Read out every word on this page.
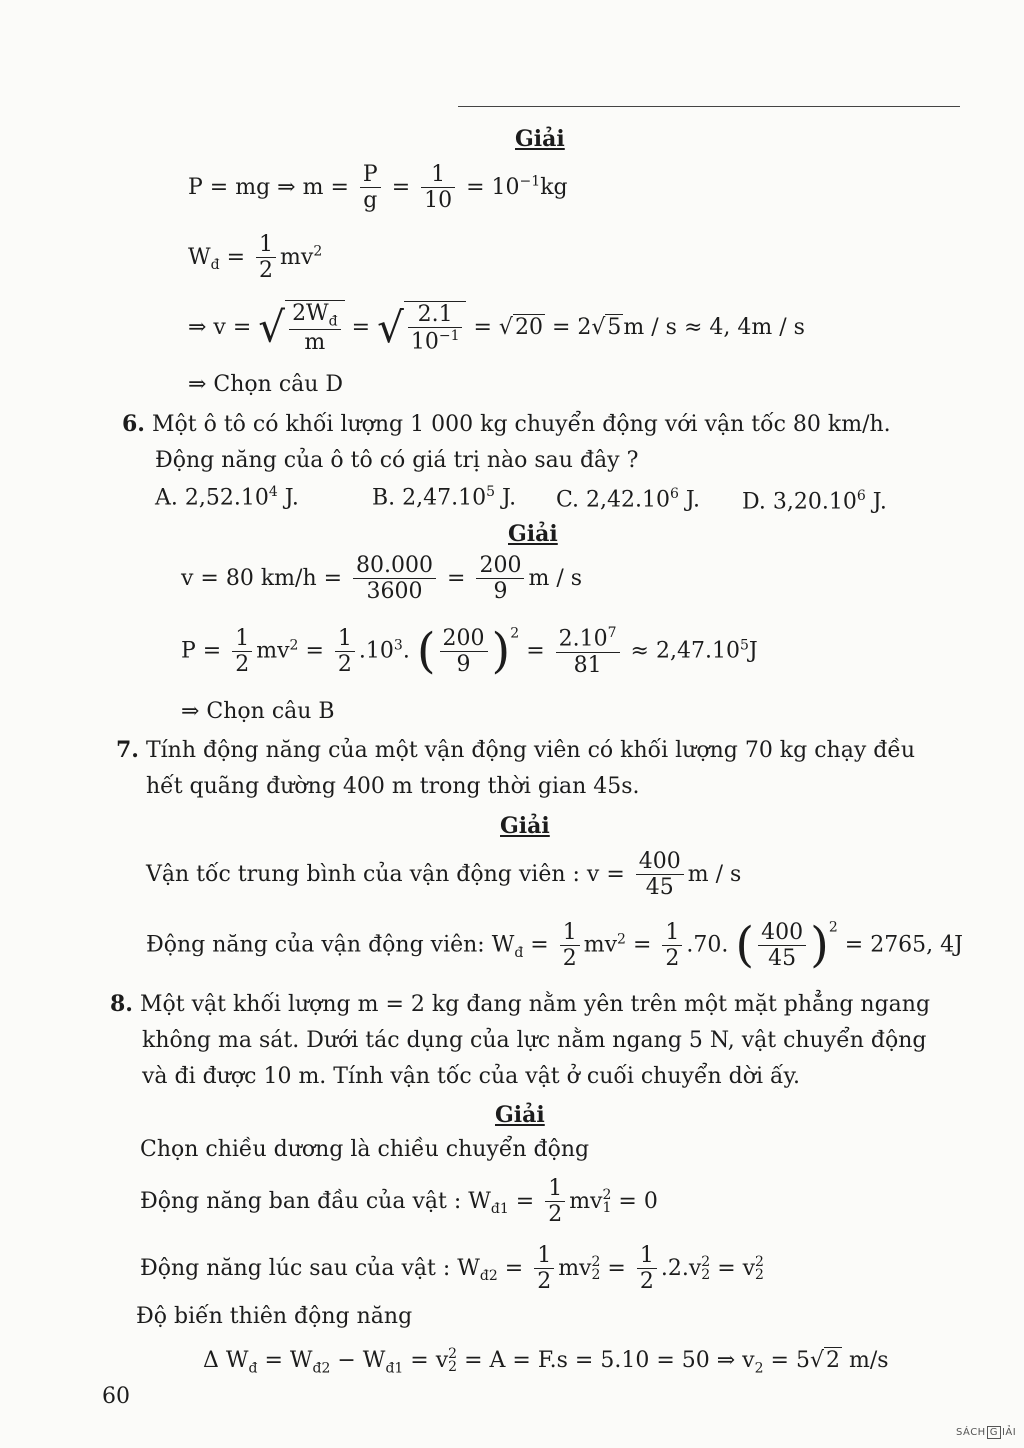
Giải
P = mg ⇒ $m = \frac{P}{g} = \frac{1}{10} = 10^{-1}kg$
$W_đ = \frac{1}{2} mv^2$
⇒ v = √ $\frac{2W_đ}{m}$ = √ $\frac{2.1}{10^{-1}} = √20 = 2√5m / s \approx 4$, 4m / s
⇒ Chọn câu D
6. Một ô tô có khối lượng 1 000 kg chuyển động với vận tốc 80 km/h.
Động năng của ô tô có giá trị nào sau đây ?
A. 2,52.10$^4$ J.	B. 2,47.10$^5$ J. C. 2,42.10$^6$ J. D. 3,20.10$^6$ J.
Giải
v = 80 $km/h = \frac{80.000}{3600} = \frac{200}{9}$ m / s
$P = \frac{1}{2} mv^2 = \frac{1}{2} .10^3$. ( $\frac{200}{9} )^2 = \frac{2.10^7}{81} \approx 2,47.10^5J$
⇒ Chọn câu B
7. Tính động năng của một vận động viên có khối lượng 70 kg chạy đều
hết quãng đường 400 m trong thời gian 45s.
Giải
Vận tốc trung bình của vận động viên : $v = \frac{400}{45}$ m / s
Động năng của vận động viên: $W_đ = \frac{1}{2} mv^2 = \frac{1}{2} .70$. ( $\frac{400}{45} )^2 = 2765$, 4J
8. Một vật khối lượng m = 2 kg đang nằm yên trên một mặt phẳng ngang
không ma sát. Dưới tác dụng của lực nằm ngang 5 N, vật chuyển động
và đi được 10 m. Tính vận tốc của vật ở cuối chuyển dời ấy.
Giải
Chọn chiều dương là chiều chuyển động
Động năng ban đầu của vật : $W_{đ1} = \frac{1}{2}$ mv 2
1 = 0
Động năng lúc sau của vật : $W_{đ2} = \frac{1}{2}$ mv 2
$2 = \frac{1}{2} .2.v$ 2
2 = v 2
2
Độ biến thiên động năng
Δ $W_đ = W_{đ2} - W_{đ1} = v$ 2
2 = A = F.s = 5.10 = 50 ⇒ $v_2 = 5√2$ m/s
60
SÁCH G IẢI
